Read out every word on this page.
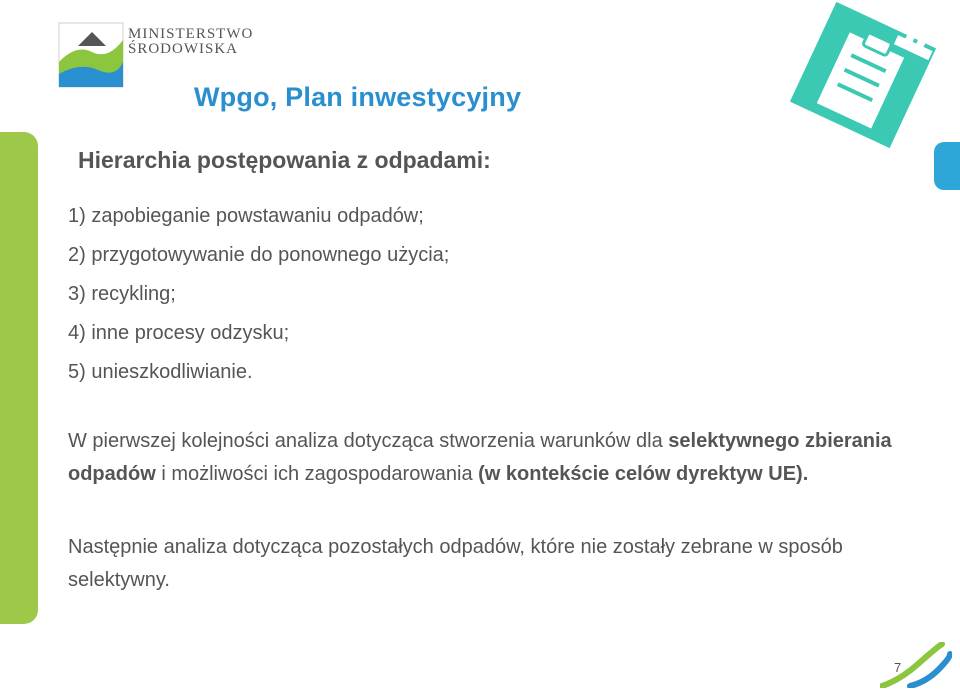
MINISTERSTWO
ŚRODOWISKA
Wpgo, Plan inwestycyjny
Hierarchia postępowania z odpadami:
1) zapobieganie powstawaniu odpadów;
2) przygotowywanie do ponownego użycia;
3) recykling;
4) inne procesy odzysku;
5) unieszkodliwianie.

W pierwszej kolejności analiza dotycząca stworzenia warunków dla selektywnego zbierania odpadów i możliwości ich zagospodarowania (w kontekście celów dyrektyw UE).

Następnie analiza dotycząca pozostałych odpadów, które nie zostały zebrane w sposób selektywny.

7
